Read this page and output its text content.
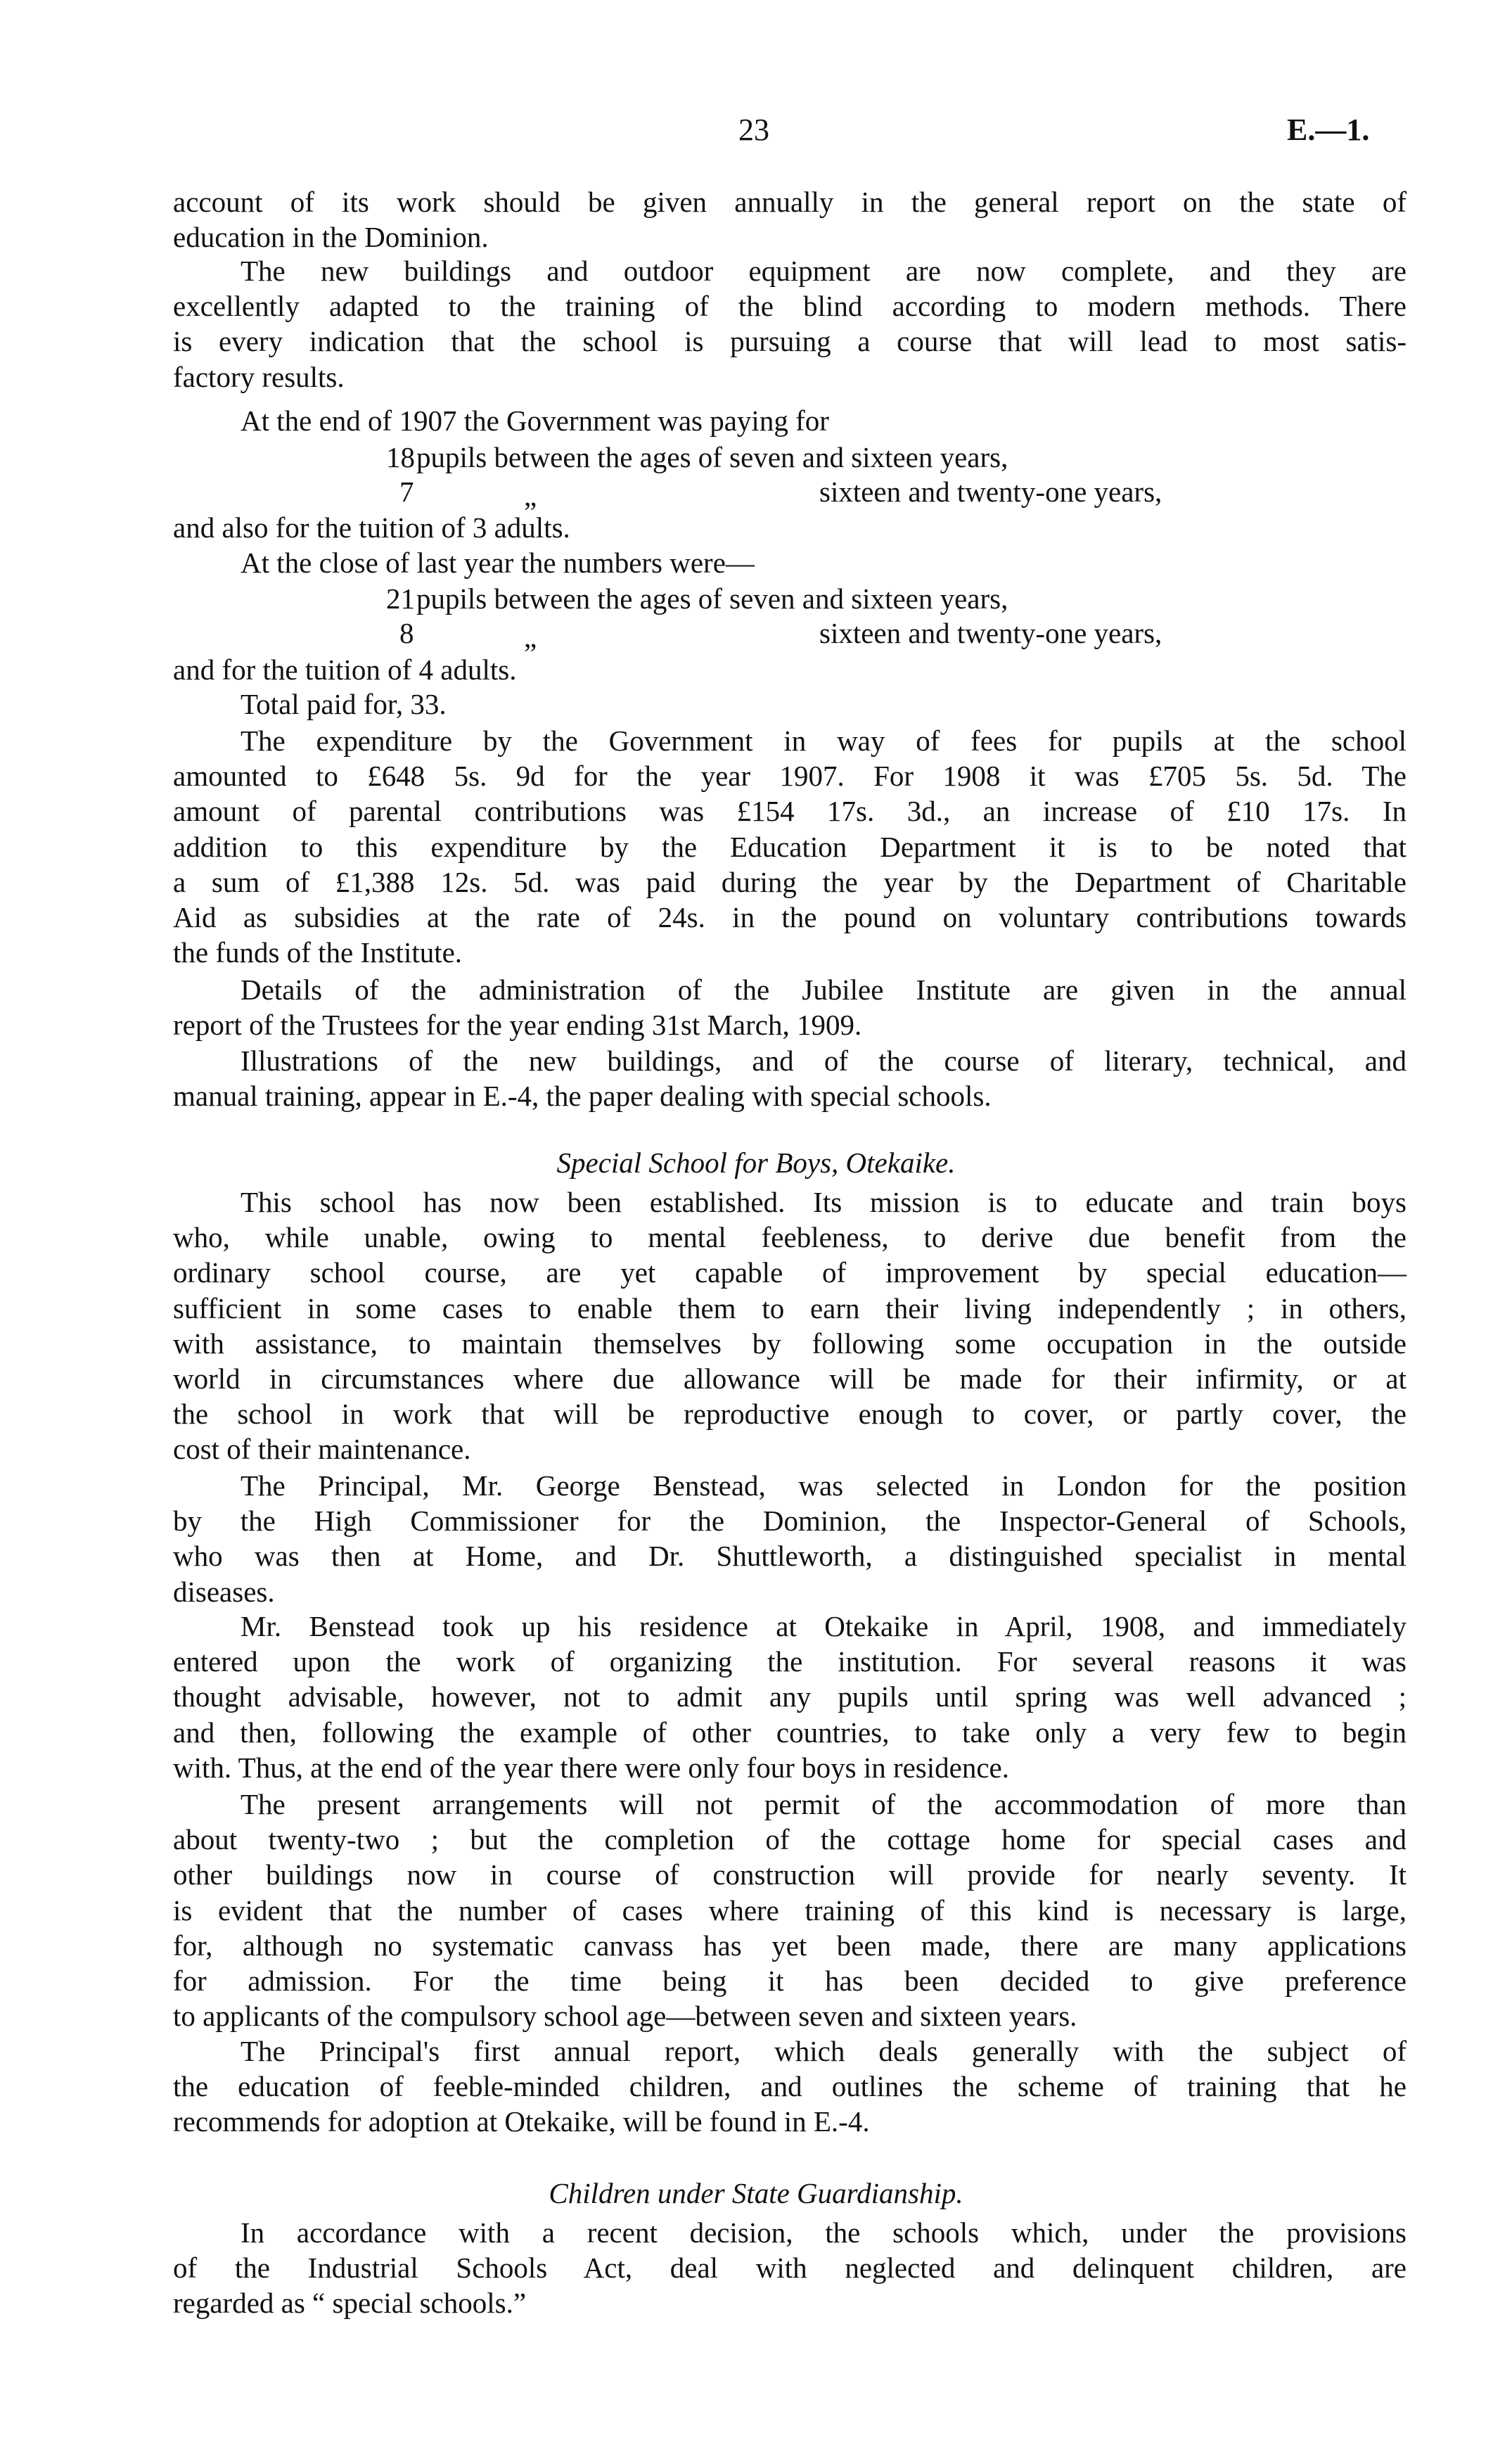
23	E.—1.
account of its work should be given annually in the general report on the state of
education in the Dominion.
The new buildings and outdoor equipment are now complete, and they are
excellently adapted to the training of the blind according to modern methods. There
is every indication that the school is pursuing a course that will lead to most satis-
factory results.
At the end of 1907 the Government was paying for
and also for the tuition of 3 adults.
At the close of last year the numbers were—
and for the tuition of 4 adults.
Total paid for, 33.
The expenditure by the Government in way of fees for pupils at the school
amounted to £648 5s. 9d for the year 1907. For 1908 it was £705 5s. 5d. The
amount of parental contributions was £154 17s. 3d., an increase of £10 17s. In
addition to this expenditure by the Education Department it is to be noted that
a sum of £1,388 12s. 5d. was paid during the year by the Department of Charitable
Aid as subsidies at the rate of 24s. in the pound on voluntary contributions towards
the funds of the Institute.
Details of the administration of the Jubilee Institute are given in the annual
report of the Trustees for the year ending 31st March, 1909.
Illustrations of the new buildings, and of the course of literary, technical, and
manual training, appear in E.-4, the paper dealing with special schools.
This school has now been established. Its mission is to educate and train boys
who, while unable, owing to mental feebleness, to derive due benefit from the
ordinary school course, are yet capable of improvement by special education—
sufficient in some cases to enable them to earn their living independently ; in others,
with assistance, to maintain themselves by following some occupation in the outside
world in circumstances where due allowance will be made for their infirmity, or at
the school in work that will be reproductive enough to cover, or partly cover, the
cost of their maintenance.
The Principal, Mr. George Benstead, was selected in London for the position
by the High Commissioner for the Dominion, the Inspector-General of Schools,
who was then at Home, and Dr. Shuttleworth, a distinguished specialist in mental
diseases.
Mr. Benstead took up his residence at Otekaike in April, 1908, and immediately
entered upon the work of organizing the institution. For several reasons it was
thought advisable, however, not to admit any pupils until spring was well advanced ;
and then, following the example of other countries, to take only a very few to begin
with. Thus, at the end of the year there were only four boys in residence.
The present arrangements will not permit of the accommodation of more than
about twenty-two ; but the completion of the cottage home for special cases and
other buildings now in course of construction will provide for nearly seventy. It
is evident that the number of cases where training of this kind is necessary is large,
for, although no systematic canvass has yet been made, there are many applications
for admission. For the time being it has been decided to give preference
to applicants of the compulsory school age—between seven and sixteen years.
The Principal's first annual report, which deals generally with the subject of
the education of feeble-minded children, and outlines the scheme of training that he
recommends for adoption at Otekaike, will be found in E.-4.
In accordance with a recent decision, the schools which, under the provisions
of the Industrial Schools Act, deal with neglected and delinquent children, are
regarded as “ special schools.”
18 pupils between the ages of seven and sixteen years,
7	„	sixteen and twenty-one years,
21 pupils between the ages of seven and sixteen years,
8	„	sixteen and twenty-one years,
Special School for Boys, Otekaike.
Children under State Guardianship.
